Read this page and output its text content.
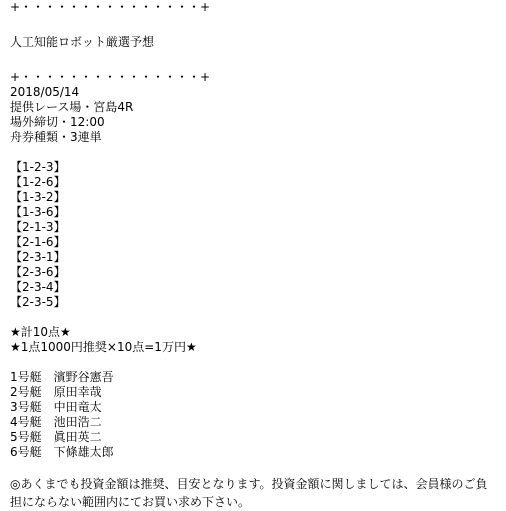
+・・・・・・・・・・・・・・・+
人工知能ロボット厳選予想
+・・・・・・・・・・・・・・・+
2018/05/14
提供レース場・宮島4R
場外締切・12:00
舟券種類・3連単
【1-2-3】
【1-2-6】
【1-3-2】
【1-3-6】
【2-1-3】
【2-1-6】
【2-3-1】
【2-3-6】
【2-3-4】
【2-3-5】
★計10点★
★1点1000円推奨×10点=1万円★
1号艇　濱野谷憲吾
2号艇　原田幸哉
3号艇　中田竜太
4号艇　池田浩二
5号艇　眞田英二
6号艇　下條雄太郎
◎あくまでも投資金額は推奨、目安となります。投資金額に関しましては、会員様のご負担にならない範囲内にてお買い求め下さい。
